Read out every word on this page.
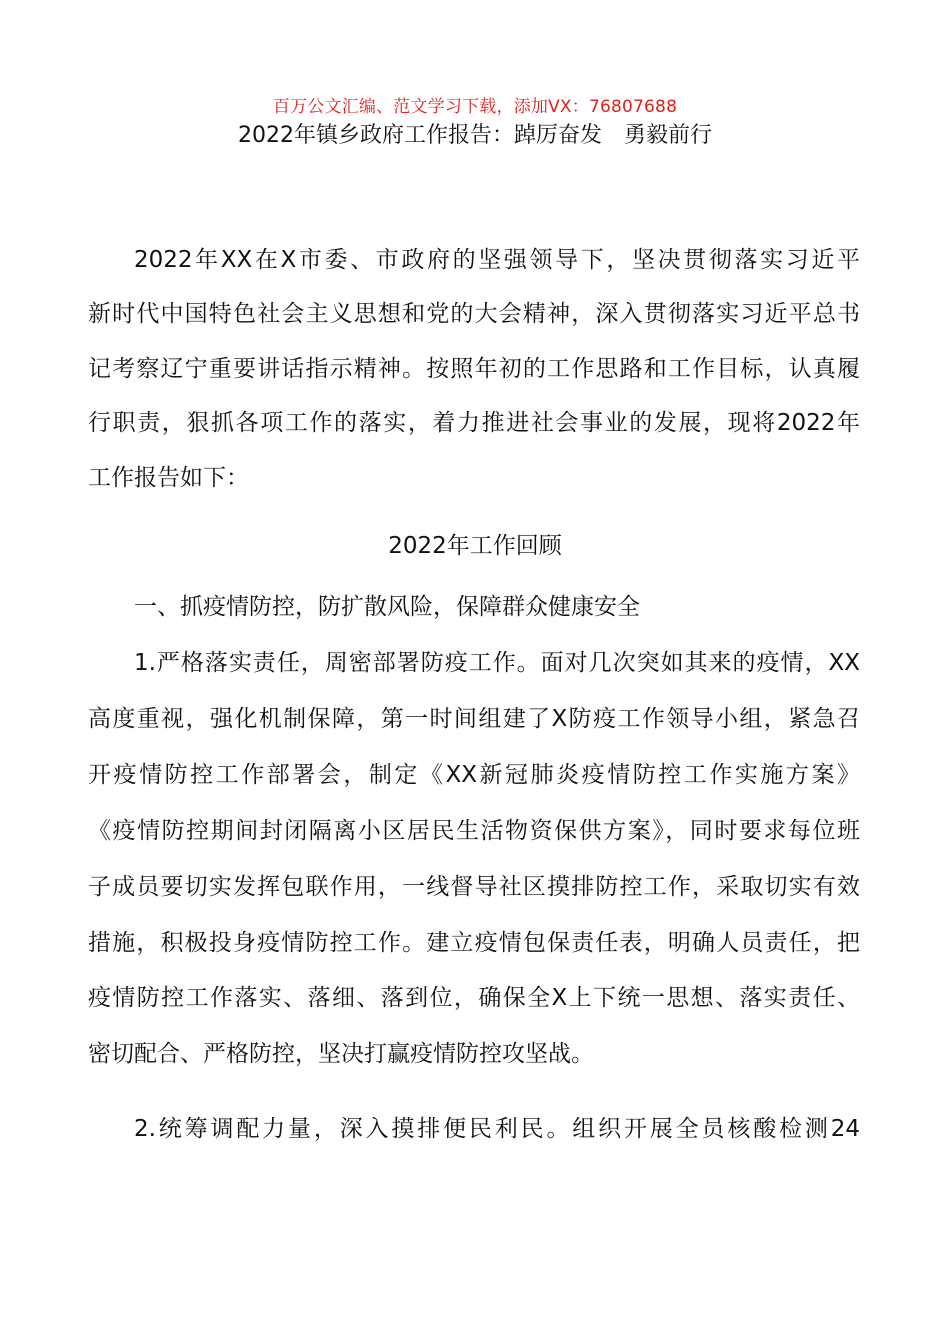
百万公文汇编、范文学习下载，添加VX：76807688
2022年镇乡政府工作报告：踔厉奋发　勇毅前行
2022年XX在X市委、市政府的坚强领导下，坚决贯彻落实习近平
新时代中国特色社会主义思想和党的大会精神，深入贯彻落实习近平总书
记考察辽宁重要讲话指示精神。按照年初的工作思路和工作目标，认真履
行职责，狠抓各项工作的落实，着力推进社会事业的发展，现将2022年
工作报告如下：
2022年工作回顾
一、抓疫情防控，防扩散风险，保障群众健康安全
1.严格落实责任，周密部署防疫工作。面对几次突如其来的疫情，XX
高度重视，强化机制保障，第一时间组建了X防疫工作领导小组，紧急召
开疫情防控工作部署会，制定《XX新冠肺炎疫情防控工作实施方案》
《疫情防控期间封闭隔离小区居民生活物资保供方案》，同时要求每位班
子成员要切实发挥包联作用，一线督导社区摸排防控工作，采取切实有效
措施，积极投身疫情防控工作。建立疫情包保责任表，明确人员责任，把
疫情防控工作落实、落细、落到位，确保全X上下统一思想、落实责任、
密切配合、严格防控，坚决打赢疫情防控攻坚战。
2.统筹调配力量，深入摸排便民利民。组织开展全员核酸检测24
